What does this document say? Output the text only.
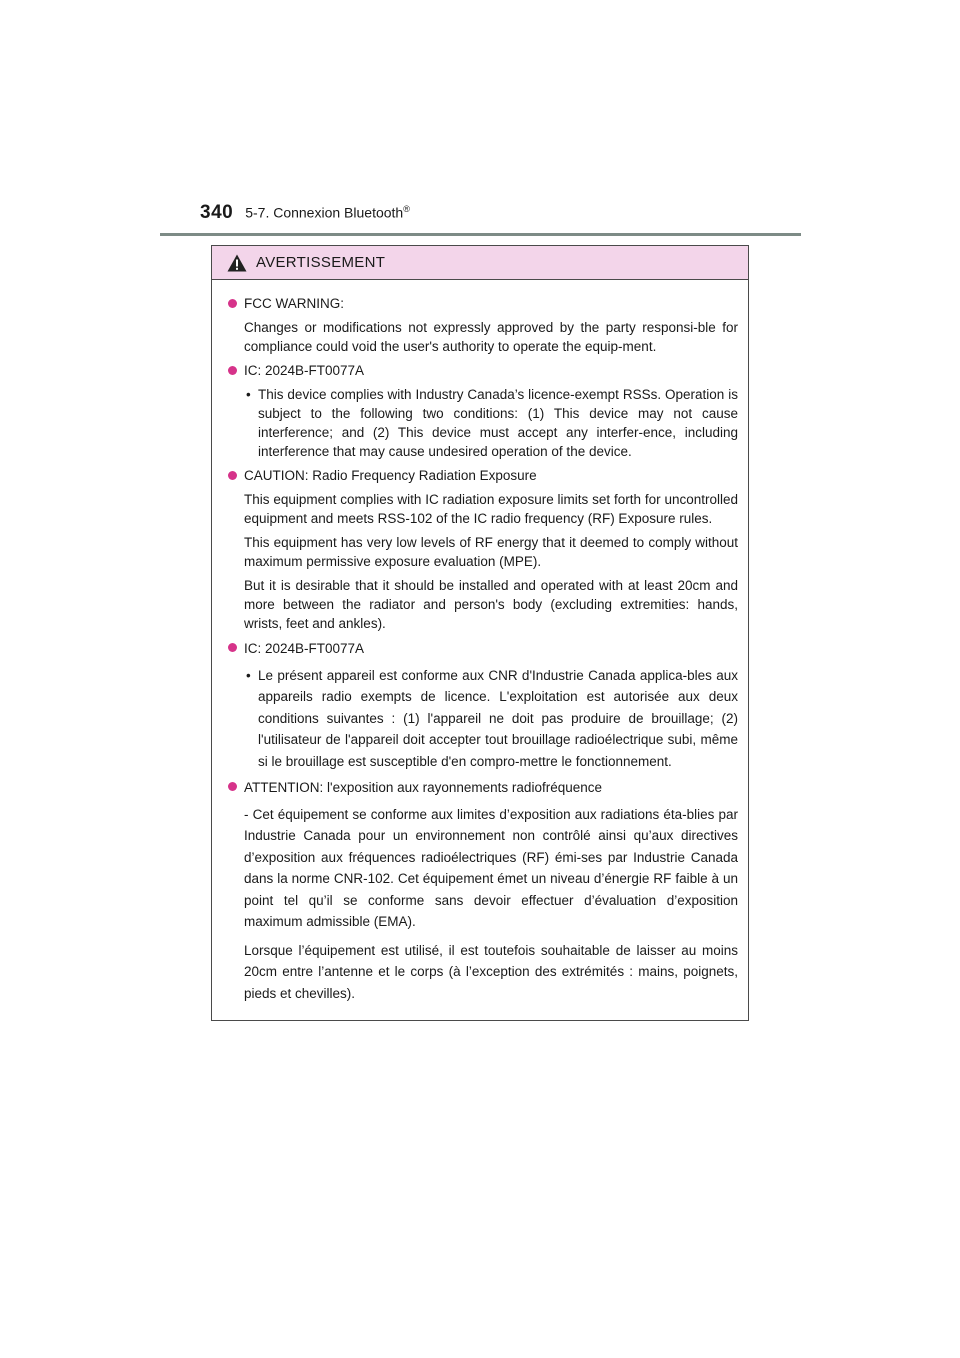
340 5-7. Connexion Bluetooth®
AVERTISSEMENT
FCC WARNING:
Changes or modifications not expressly approved by the party responsi-ble for compliance could void the user's authority to operate the equip-ment.
IC: 2024B-FT0077A
• This device complies with Industry Canada’s licence-exempt RSSs. Operation is subject to the following two conditions: (1) This device may not cause interference; and (2) This device must accept any interfer-ence, including interference that may cause undesired operation of the device.
CAUTION: Radio Frequency Radiation Exposure
This equipment complies with IC radiation exposure limits set forth for uncontrolled equipment and meets RSS-102 of the IC radio frequency (RF) Exposure rules.
This equipment has very low levels of RF energy that it deemed to comply without maximum permissive exposure evaluation (MPE).
But it is desirable that it should be installed and operated with at least 20cm and more between the radiator and person's body (excluding extremities: hands, wrists, feet and ankles).
IC: 2024B-FT0077A
• Le présent appareil est conforme aux CNR d'Industrie Canada applica-bles aux appareils radio exempts de licence. L'exploitation est autorisée aux deux conditions suivantes : (1) l'appareil ne doit pas produire de brouillage; (2) l'utilisateur de l'appareil doit accepter tout brouillage radioélectrique subi, même si le brouillage est susceptible d'en compro-mettre le fonctionnement.
ATTENTION: l'exposition aux rayonnements radiofréquence
- Cet équipement se conforme aux limites d’exposition aux radiations éta-blies par Industrie Canada pour un environnement non contrôlé ainsi qu’aux directives d’exposition aux fréquences radioélectriques (RF) émi-ses par Industrie Canada dans la norme CNR-102. Cet équipement émet un niveau d’énergie RF faible à un point tel qu’il se conforme sans devoir effectuer d’évaluation d’exposition maximum admissible (EMA).
Lorsque l’équipement est utilisé, il est toutefois souhaitable de laisser au moins 20cm entre l’antenne et le corps (à l’exception des extrémités : mains, poignets, pieds et chevilles).
